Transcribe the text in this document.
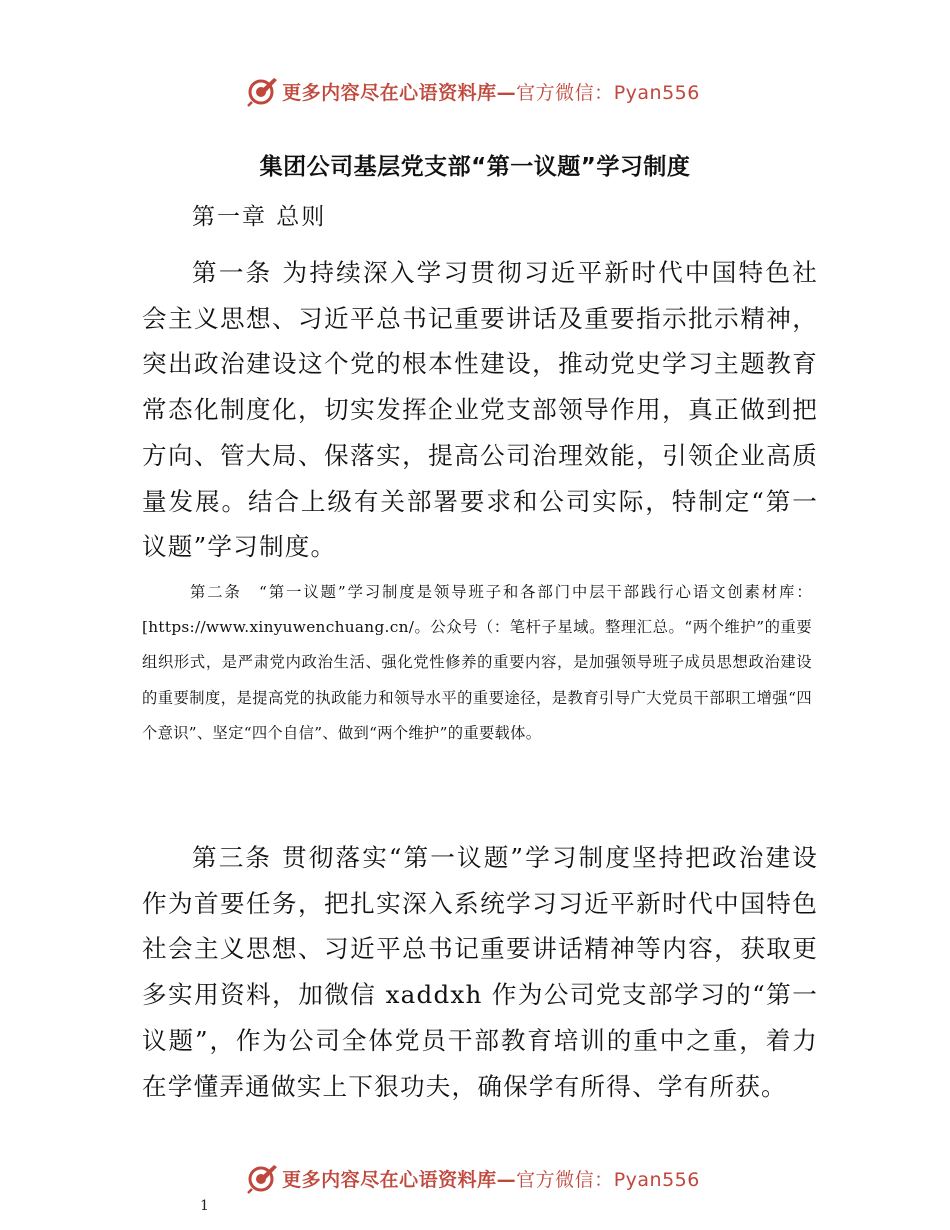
更多内容尽在心语资料库—官方微信：Pyan556
集团公司基层党支部“第一议题”学习制度
第一章 总则

第一条 为持续深入学习贯彻习近平新时代中国特色社会主义思想、习近平总书记重要讲话及重要指示批示精神，突出政治建设这个党的根本性建设，推动党史学习主题教育常态化制度化，切实发挥企业党支部领导作用，真正做到把方向、管大局、保落实，提高公司治理效能，引领企业高质量发展。结合上级有关部署要求和公司实际，特制定“第一议题”学习制度。

第二条　“第一议题”学习制度是领导班子和各部门中层干部践行心语文创素材库：[https://www.xinyuwenchuang.cn/。公众号（：笔杆子星域。整理汇总。“两个维护”的重要组织形式，是严肃党内政治生活、强化党性修养的重要内容，是加强领导班子成员思想政治建设的重要制度，是提高党的执政能力和领导水平的重要途径，是教育引导广大党员干部职工增强“四个意识”、坚定“四个自信”、做到“两个维护”的重要载体。

第三条 贯彻落实“第一议题”学习制度坚持把政治建设作为首要任务，把扎实深入系统学习习近平新时代中国特色社会主义思想、习近平总书记重要讲话精神等内容，获取更多实用资料，加微信 xaddxh 作为公司党支部学习的“第一议题”，作为公司全体党员干部教育培训的重中之重，着力在学懂弄通做实上下狠功夫，确保学有所得、学有所获。

更多内容尽在心语资料库—官方微信：Pyan556
1
